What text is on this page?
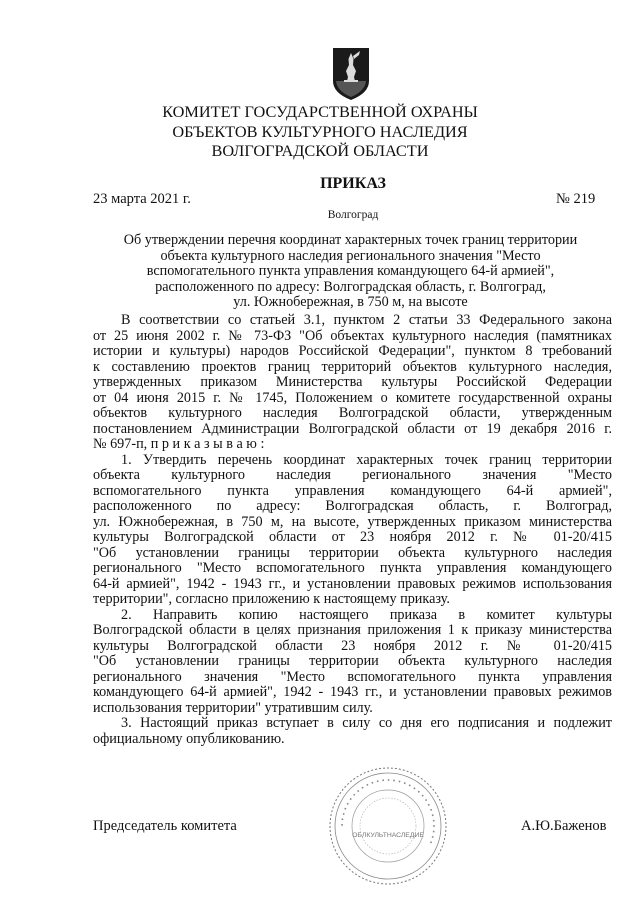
КОМИТЕТ ГОСУДАРСТВЕННОЙ ОХРАНЫ
ОБЪЕКТОВ КУЛЬТУРНОГО НАСЛЕДИЯ
ВОЛГОГРАДСКОЙ ОБЛАСТИ
ПРИКАЗ
23 марта 2021 г.	№ 219
Волгоград
Об утверждении перечня координат характерных точек границ территории
объекта культурного наследия регионального значения "Место
вспомогательного пункта управления командующего 64-й армией",
расположенного по адресу: Волгоградская область, г. Волгоград,
ул. Южнобережная, в 750 м, на высоте
В соответствии со статьей 3.1, пунктом 2 статьи 33 Федерального закона
от 25 июня 2002 г. № 73-ФЗ "Об объектах культурного наследия (памятниках
истории и культуры) народов Российской Федерации", пунктом 8 требований
к составлению проектов границ территорий объектов культурного наследия,
утвержденных приказом Министерства культуры Российской Федерации
от 04 июня 2015 г. № 1745, Положением о комитете государственной охраны
объектов культурного наследия Волгоградской области, утвержденным
постановлением Администрации Волгоградской области от 19 декабря 2016 г.
№ 697-п, п р и к а з ы в а ю :
1. Утвердить перечень координат характерных точек границ территории
объекта культурного наследия регионального значения "Место
вспомогательного пункта управления командующего 64-й армией",
расположенного по адресу: Волгоградская область, г. Волгоград,
ул. Южнобережная, в 750 м, на высоте, утвержденных приказом министерства
культуры Волгоградской области от 23 ноября 2012 г. № 01-20/415
"Об установлении границы территории объекта культурного наследия
регионального "Место вспомогательного пункта управления командующего
64-й армией", 1942 - 1943 гг., и установлении правовых режимов использования
территории", согласно приложению к настоящему приказу.
2. Направить копию настоящего приказа в комитет культуры
Волгоградской области в целях признания приложения 1 к приказу министерства
культуры Волгоградской области 23 ноября 2012 г. № 01-20/415
"Об установлении границы территории объекта культурного наследия
регионального значения "Место вспомогательного пункта управления
командующего 64-й армией", 1942 - 1943 гг., и установлении правовых режимов
использования территории" утратившим силу.
3. Настоящий приказ вступает в силу со дня его подписания и подлежит
официальному опубликованию.
▪ ▪ ▪ ▪ ▪ ▪ ▪ ▪ ▪ ▪ ▪ ▪ ▪ ▪ ▪ ▪ ▪ ▪ ▪ ▪ ▪ ▪ ▪ ▪ ▪ ▪ ▪ ▪ ▪ ▪
ОБЛКУЛЬТНАСЛЕДИЕ
Председатель комитета	А.Ю.Баженов
